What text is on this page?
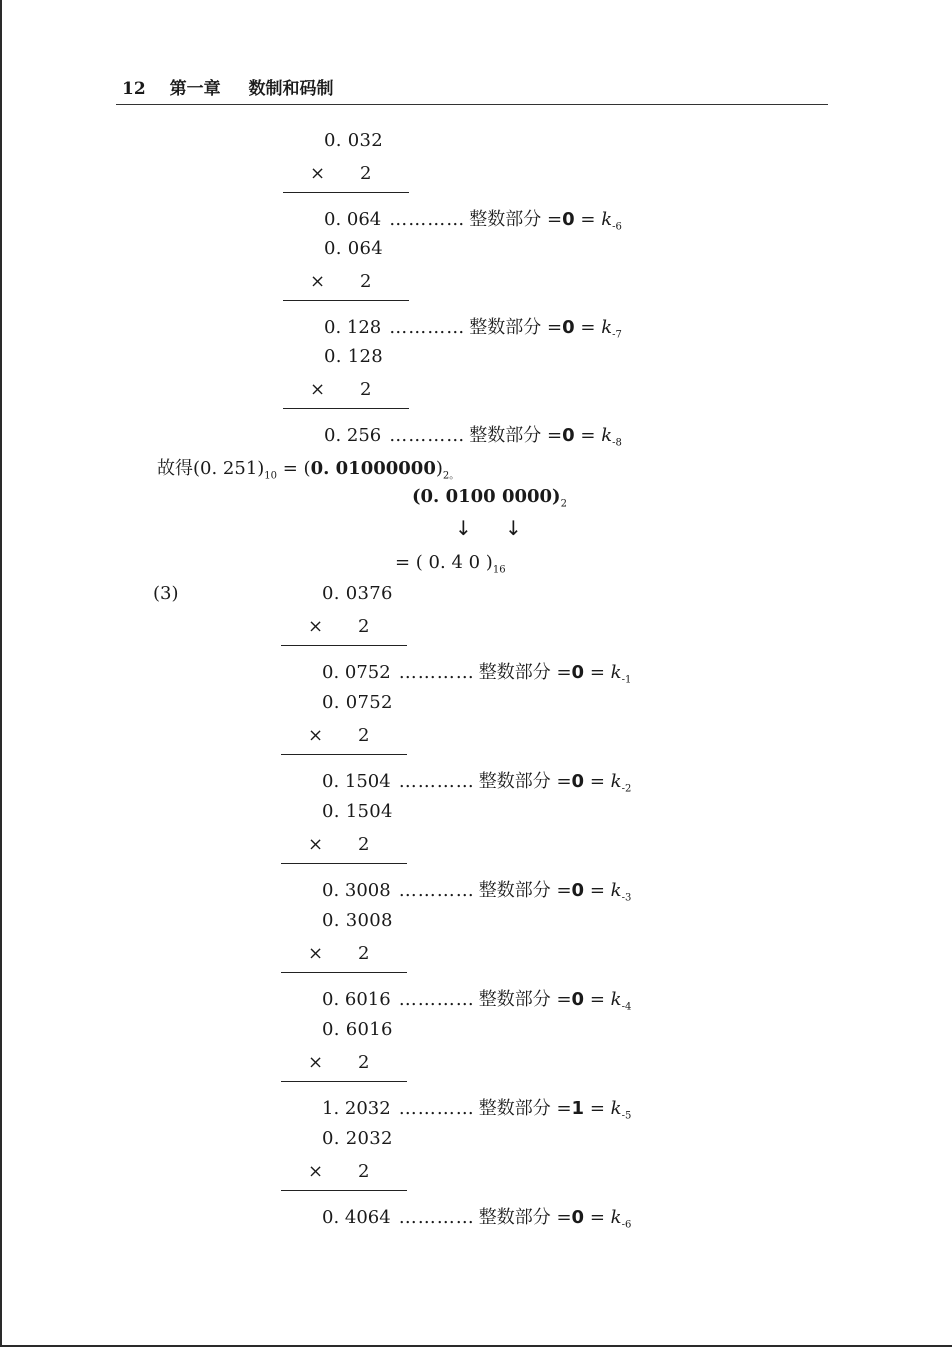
12 第一章 数制和码制
0. 032
× 2
0. 064 ………… 整数部分 $=0 = k_{-6}$
0. 064
× 2
0. 128 ………… 整数部分 $=0 = k_{-7}$
0. 128
× 2
0. 256 ………… 整数部分 $=0 = k_{-8}$
故得(0. $251)_{10} = (0$. $01000000)_{2。}$
(0. 0100 $0000)_2$
↓ ↓
= ( 0. 4 0 )$_{16}$
(3)	0. 0376
× 2
0. 0752 ………… 整数部分 $=0 = k_{-1}$
0. 0752
× 2
0. 1504 ………… 整数部分 $=0 = k_{-2}$
0. 1504
× 2
0. 3008 ………… 整数部分 $=0 = k_{-3}$
0. 3008
× 2
0. 6016 ………… 整数部分 $=0 = k_{-4}$
0. 6016
× 2
1. 2032 ………… 整数部分 $=1 = k_{-5}$
0. 2032
× 2
0. 4064 ………… 整数部分 $=0 = k_{-6}$
